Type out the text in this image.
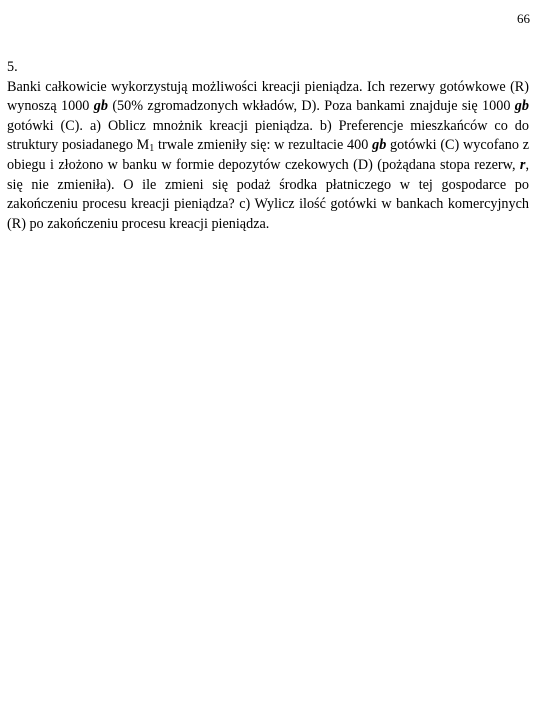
66
5.
Banki całkowicie wykorzystują możliwości kreacji pieniądza. Ich rezerwy gotówkowe (R) wynoszą 1000 gb (50% zgromadzonych wkładów, D). Poza bankami znajduje się 1000 gb gotówki (C). a) Oblicz mnożnik kreacji pieniądza. b) Preferencje mieszkańców co do struktury posiadanego $M_1$ trwale zmieniły się: w rezultacie 400 gb gotówki (C) wycofano z obiegu i złożono w banku w formie depozytów czekowych (D) (pożądana stopa rezerw, r, się nie zmieniła). O ile zmieni się podaż środka płatniczego w tej gospodarce po zakończeniu procesu kreacji pieniądza? c) Wylicz ilość gotówki w bankach komercyjnych (R) po zakończeniu procesu kreacji pieniądza.
